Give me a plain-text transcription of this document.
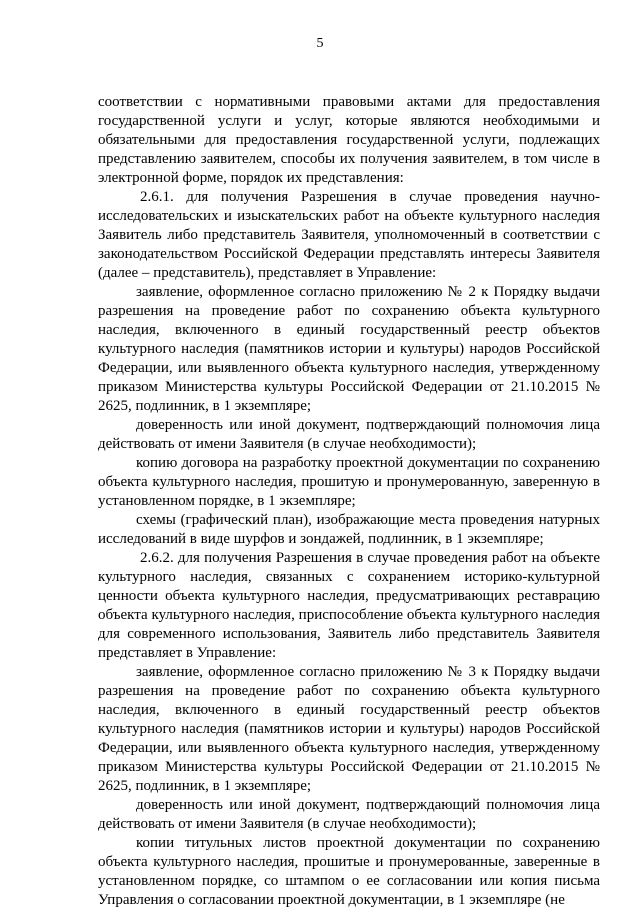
5

соответствии с нормативными правовыми актами для предоставления государственной услуги и услуг, которые являются необходимыми и обязательными для предоставления государственной услуги, подлежащих представлению заявителем, способы их получения заявителем, в том числе в электронной форме, порядок их представления:

2.6.1. для получения Разрешения в случае проведения научно-исследовательских и изыскательских работ на объекте культурного наследия Заявитель либо представитель Заявителя, уполномоченный в соответствии с законодательством Российской Федерации представлять интересы Заявителя (далее – представитель), представляет в Управление:

заявление, оформленное согласно приложению № 2 к Порядку выдачи разрешения на проведение работ по сохранению объекта культурного наследия, включенного в единый государственный реестр объектов культурного наследия (памятников истории и культуры) народов Российской Федерации, или выявленного объекта культурного наследия, утвержденному приказом Министерства культуры Российской Федерации от 21.10.2015 № 2625, подлинник, в 1 экземпляре;

доверенность или иной документ, подтверждающий полномочия лица действовать от имени Заявителя (в случае необходимости);

копию договора на разработку проектной документации по сохранению объекта культурного наследия, прошитую и пронумерованную, заверенную в установленном порядке, в 1 экземпляре;

схемы (графический план), изображающие места проведения натурных исследований в виде шурфов и зондажей, подлинник, в 1 экземпляре;

2.6.2. для получения Разрешения в случае проведения работ на объекте культурного наследия, связанных с сохранением историко-культурной ценности объекта культурного наследия, предусматривающих реставрацию объекта культурного наследия, приспособление объекта культурного наследия для современного использования, Заявитель либо представитель Заявителя представляет в Управление:

заявление, оформленное согласно приложению № 3 к Порядку выдачи разрешения на проведение работ по сохранению объекта культурного наследия, включенного в единый государственный реестр объектов культурного наследия (памятников истории и культуры) народов Российской Федерации, или выявленного объекта культурного наследия, утвержденному приказом Министерства культуры Российской Федерации от 21.10.2015 № 2625, подлинник, в 1 экземпляре;

доверенность или иной документ, подтверждающий полномочия лица действовать от имени Заявителя (в случае необходимости);

копии титульных листов проектной документации по сохранению объекта культурного наследия, прошитые и пронумерованные, заверенные в установленном порядке, со штампом о ее согласовании или копия письма Управления о согласовании проектной документации, в 1 экземпляре (не
